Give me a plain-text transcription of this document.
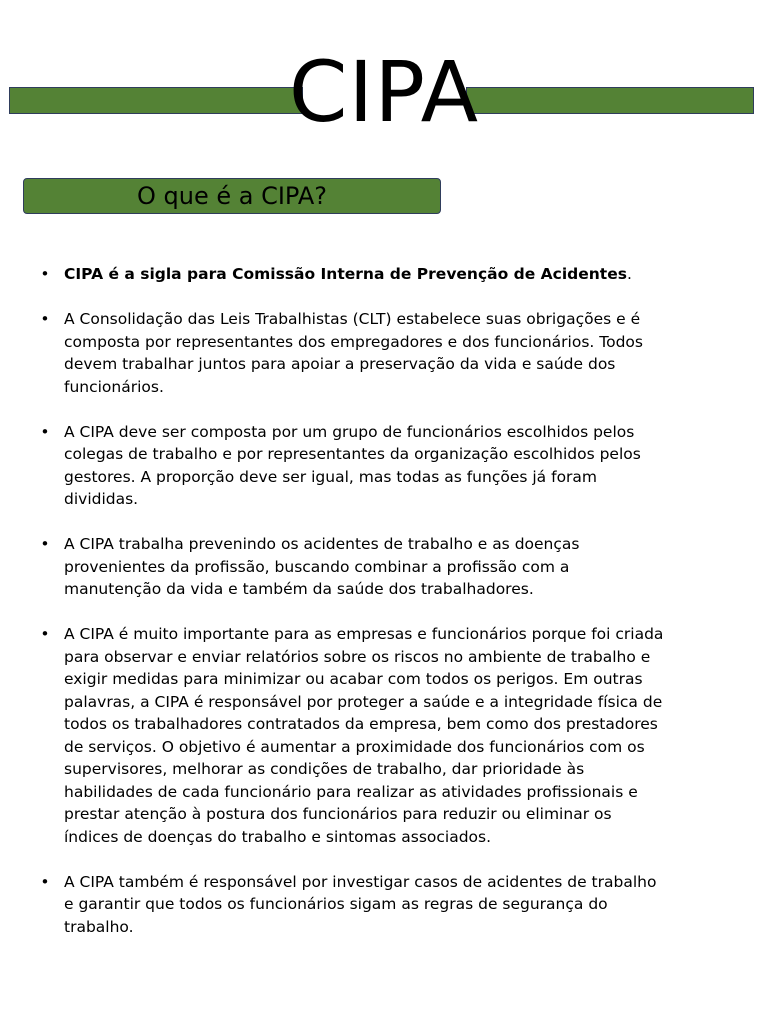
CIPA
O que é a CIPA?
• CIPA é a sigla para Comissão Interna de Prevenção de Acidentes.
• A Consolidação das Leis Trabalhistas (CLT) estabelece suas obrigações e é composta por representantes dos empregadores e dos funcionários. Todos devem trabalhar juntos para apoiar a preservação da vida e saúde dos funcionários.
• A CIPA deve ser composta por um grupo de funcionários escolhidos pelos colegas de trabalho e por representantes da organização escolhidos pelos gestores. A proporção deve ser igual, mas todas as funções já foram divididas.
• A CIPA trabalha prevenindo os acidentes de trabalho e as doenças provenientes da profissão, buscando combinar a profissão com a manutenção da vida e também da saúde dos trabalhadores.
• A CIPA é muito importante para as empresas e funcionários porque foi criada para observar e enviar relatórios sobre os riscos no ambiente de trabalho e exigir medidas para minimizar ou acabar com todos os perigos. Em outras palavras, a CIPA é responsável por proteger a saúde e a integridade física de todos os trabalhadores contratados da empresa, bem como dos prestadores de serviços. O objetivo é aumentar a proximidade dos funcionários com os supervisores, melhorar as condições de trabalho, dar prioridade às habilidades de cada funcionário para realizar as atividades profissionais e prestar atenção à postura dos funcionários para reduzir ou eliminar os índices de doenças do trabalho e sintomas associados.
• A CIPA também é responsável por investigar casos de acidentes de trabalho e garantir que todos os funcionários sigam as regras de segurança do trabalho.
